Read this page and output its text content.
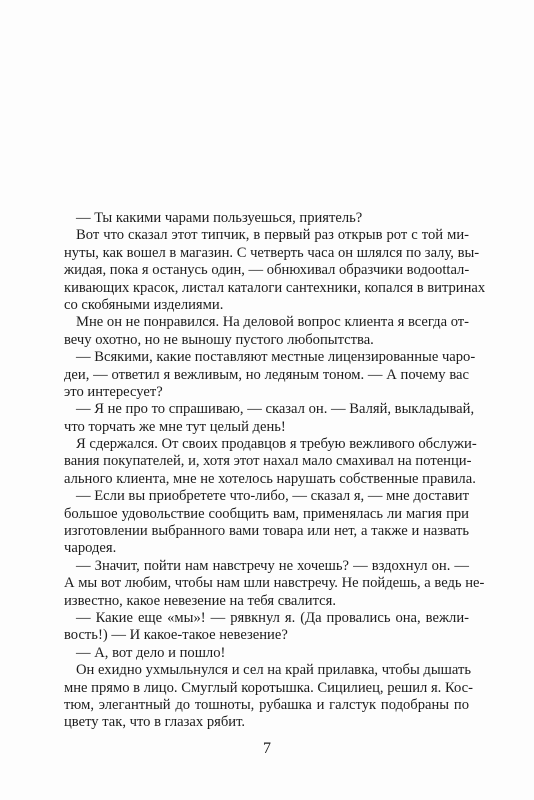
— Ты какими чарами пользуешься, приятель?
Вот что сказал этот типчик, в первый раз открыв рот с той ми-
нуты, как вошел в магазин. С четверть часа он шлялся по залу, вы-
жидая, пока я останусь один, — обнюхивал образчики водоottал-
кивающих красок, листал каталоги сантехники, копался в витринах
со скобяными изделиями.
Мне он не понравился. На деловой вопрос клиента я всегда от-
вечу охотно, но не выношу пустого любопытства.
— Всякими, какие поставляют местные лицензированные чаро-
деи, — ответил я вежливым, но ледяным тоном. — А почему вас
это интересует?
— Я не про то спрашиваю, — сказал он. — Валяй, выкладывай,
что торчать же мне тут целый день!
Я сдержался. От своих продавцов я требую вежливого обслужи-
вания покупателей, и, хотя этот нахал мало смахивал на потенци-
ального клиента, мне не хотелось нарушать собственные правила.
— Если вы приобретете что-либо, — сказал я, — мне доставит
большое удовольствие сообщить вам, применялась ли магия при
изготовлении выбранного вами товара или нет, а также и назвать
чародея.
— Значит, пойти нам навстречу не хочешь? — вздохнул он. —
А мы вот любим, чтобы нам шли навстречу. Не пойдешь, а ведь не-
известно, какое невезение на тебя свалится.
— Какие еще «мы»! — рявкнул я. (Да провались она, вежли-
вость!) — И какое-такое невезение?
— А, вот дело и пошло!
Он ехидно ухмыльнулся и сел на край прилавка, чтобы дышать
мне прямо в лицо. Смуглый коротышка. Сицилиец, решил я. Кос-
тюм, элегантный до тошноты, рубашка и галстук подобраны по
цвету так, что в глазах рябит.
7
